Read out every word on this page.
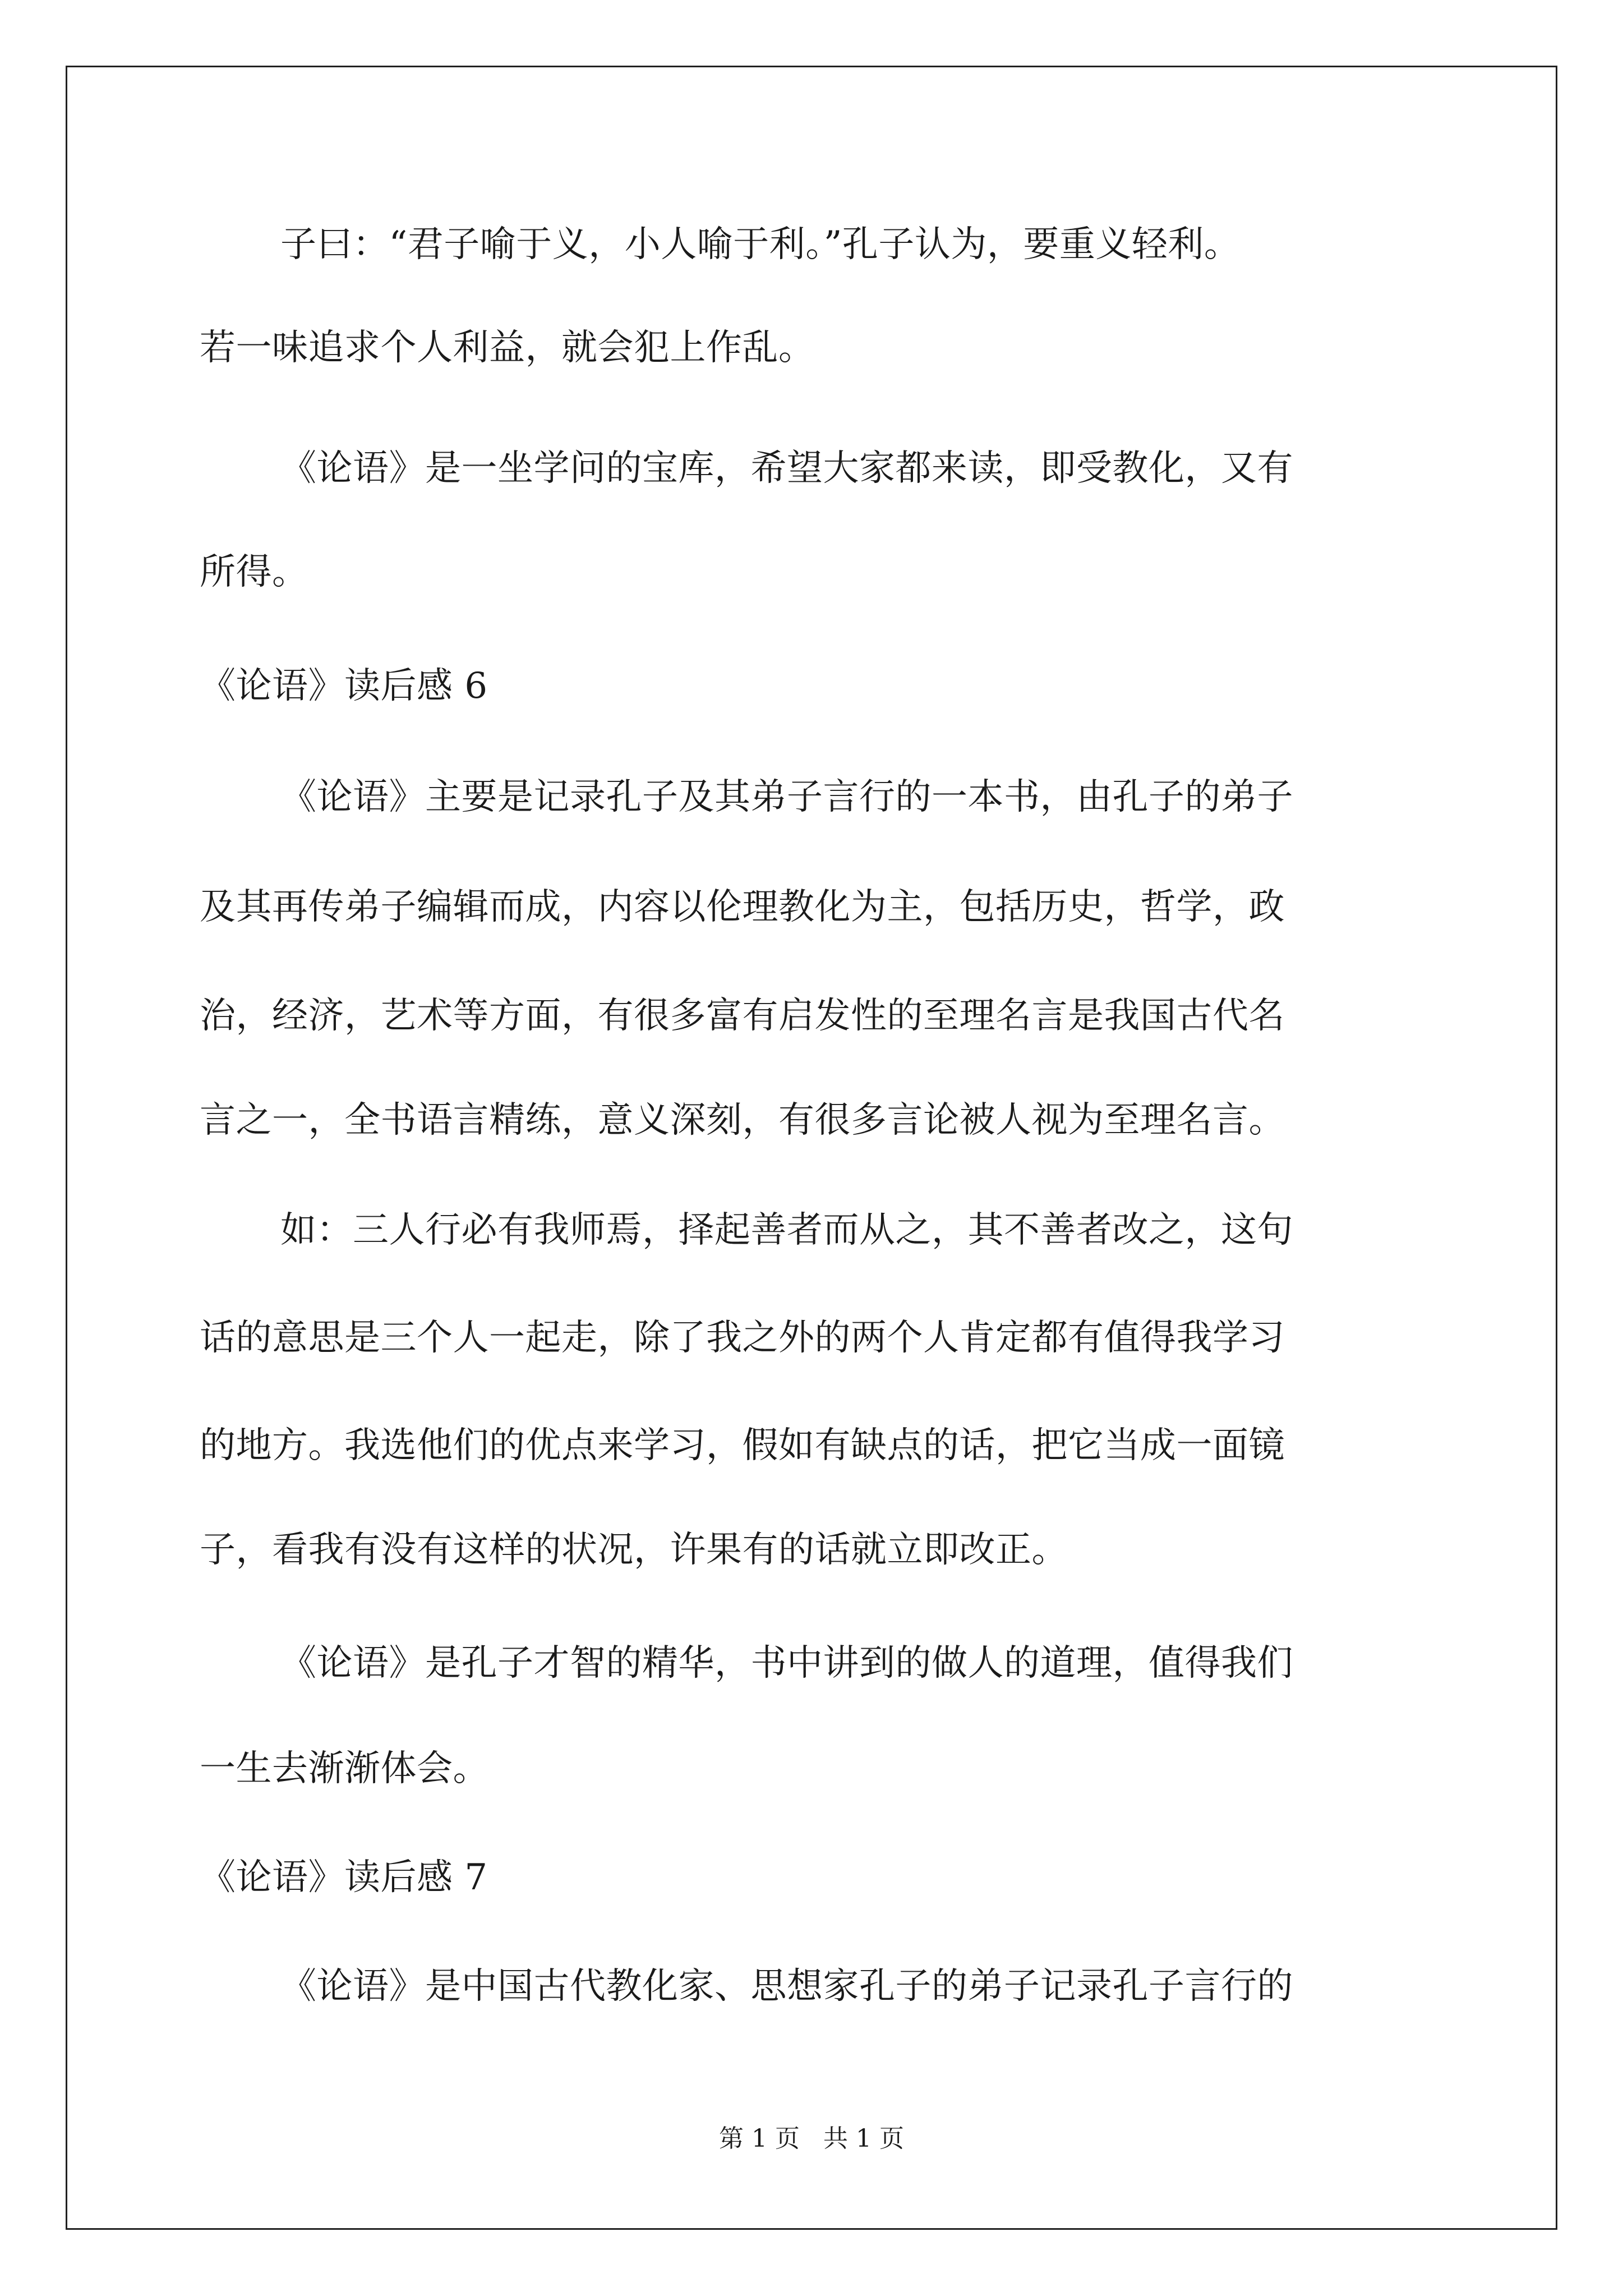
子曰：“君子喻于义，小人喻于利。”孔子认为，要重义轻利。
若一味追求个人利益，就会犯上作乱。
《论语》是一坐学问的宝库，希望大家都来读，即受教化，又有
所得。
《论语》读后感 6
《论语》主要是记录孔子及其弟子言行的一本书，由孔子的弟子
及其再传弟子编辑而成，内容以伦理教化为主，包括历史，哲学，政
治，经济，艺术等方面，有很多富有启发性的至理名言是我国古代名
言之一，全书语言精练，意义深刻，有很多言论被人视为至理名言。
如：三人行必有我师焉，择起善者而从之，其不善者改之，这句
话的意思是三个人一起走，除了我之外的两个人肯定都有值得我学习
的地方。我选他们的优点来学习，假如有缺点的话，把它当成一面镜
子，看我有没有这样的状况，许果有的话就立即改正。
《论语》是孔子才智的精华，书中讲到的做人的道理，值得我们
一生去渐渐体会。
《论语》读后感 7
《论语》是中国古代教化家、思想家孔子的弟子记录孔子言行的
第 1 页   共 1 页
